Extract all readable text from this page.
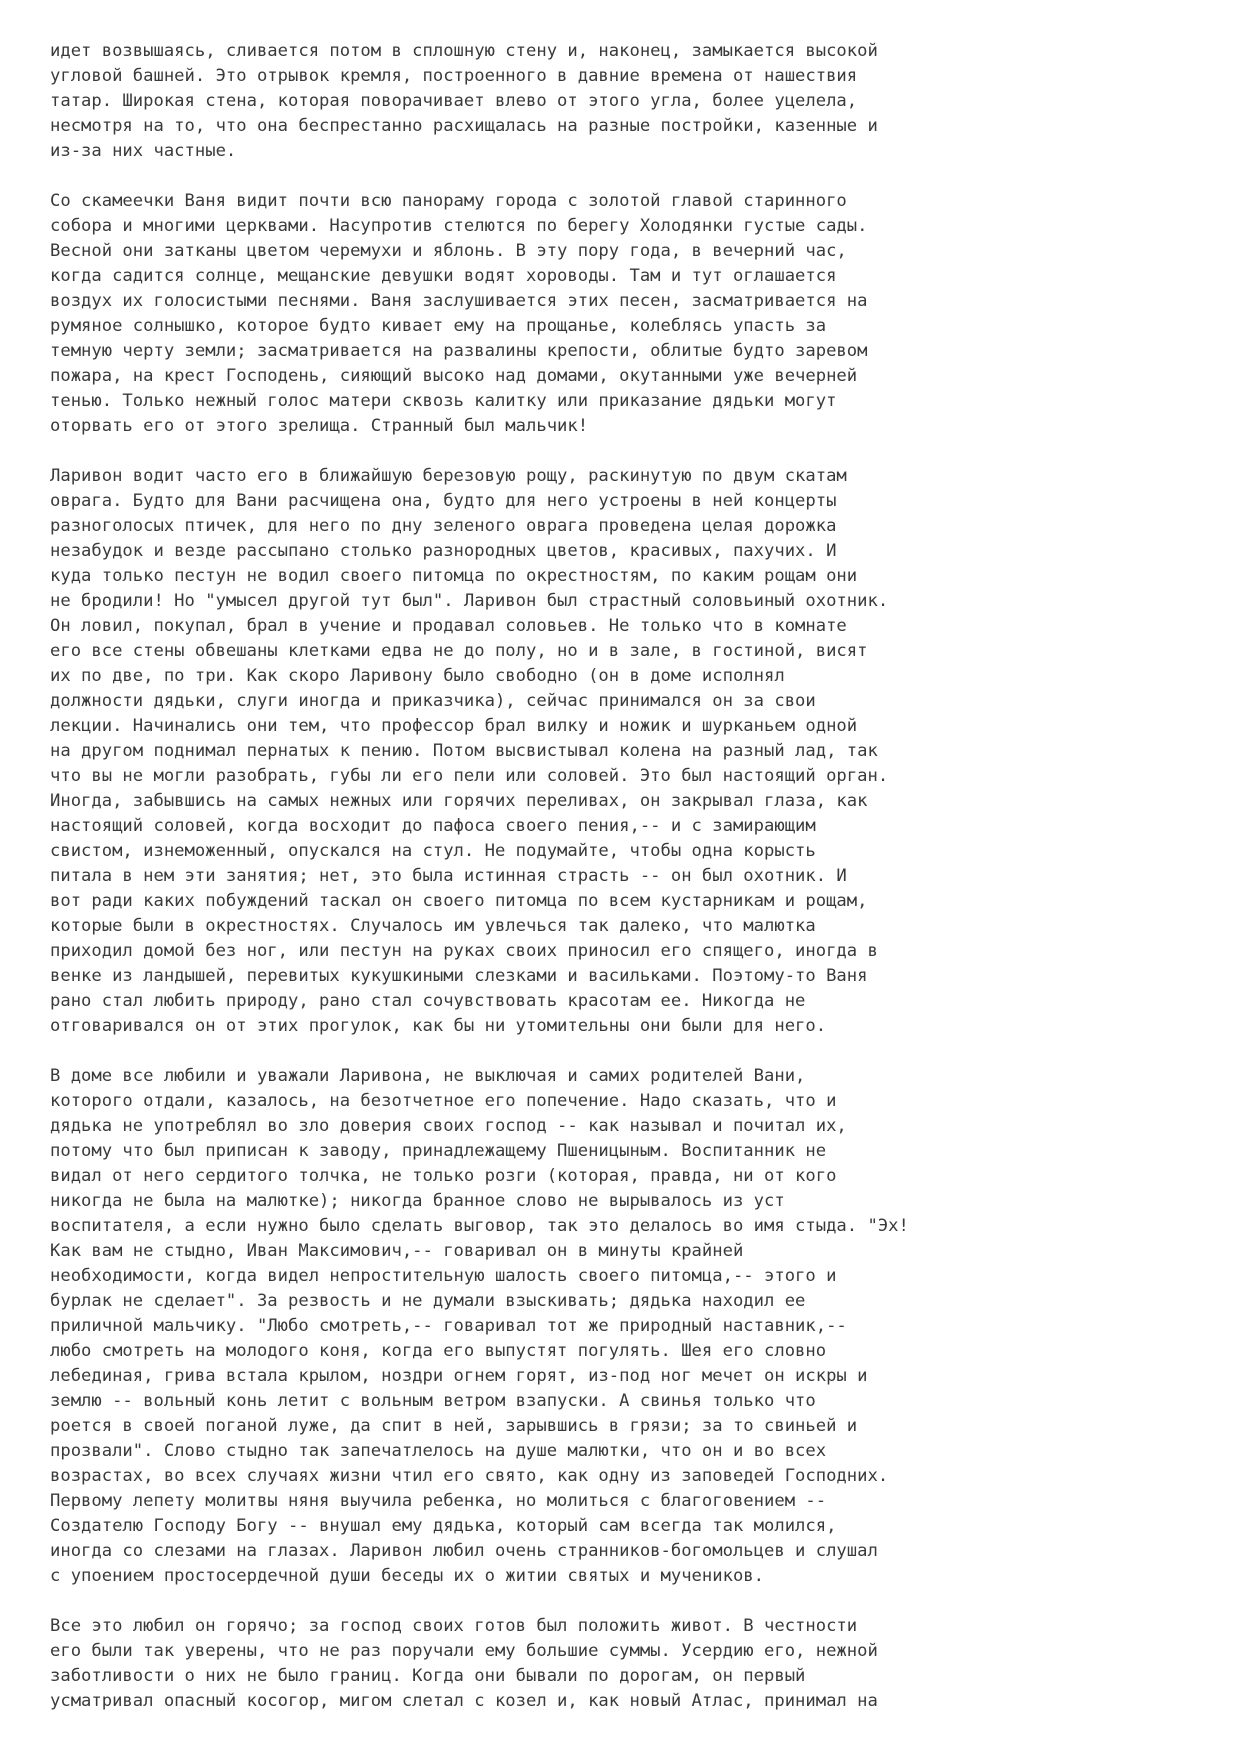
идет возвышаясь, сливается потом в сплошную стену и, наконец, замыкается высокой
угловой башней. Это отрывок кремля, построенного в давние времена от нашествия
татар. Широкая стена, которая поворачивает влево от этого угла, более уцелела,
несмотря на то, что она беспрестанно расхищалась на разные постройки, казенные и
из-за них частные.
Со скамеечки Ваня видит почти всю панораму города с золотой главой старинного
собора и многими церквами. Насупротив стелются по берегу Холодянки густые сады.
Весной они затканы цветом черемухи и яблонь. В эту пору года, в вечерний час,
когда садится солнце, мещанские девушки водят хороводы. Там и тут оглашается
воздух их голосистыми песнями. Ваня заслушивается этих песен, засматривается на
румяное солнышко, которое будто кивает ему на прощанье, колеблясь упасть за
темную черту земли; засматривается на развалины крепости, облитые будто заревом
пожара, на крест Господень, сияющий высоко над домами, окутанными уже вечерней
тенью. Только нежный голос матери сквозь калитку или приказание дядьки могут
оторвать его от этого зрелища. Странный был мальчик!
Ларивон водит часто его в ближайшую березовую рощу, раскинутую по двум скатам
оврага. Будто для Вани расчищена она, будто для него устроены в ней концерты
разноголосых птичек, для него по дну зеленого оврага проведена целая дорожка
незабудок и везде рассыпано столько разнородных цветов, красивых, пахучих. И
куда только пестун не водил своего питомца по окрестностям, по каким рощам они
не бродили! Но "умысел другой тут был". Ларивон был страстный соловьиный охотник.
Он ловил, покупал, брал в учение и продавал соловьев. Не только что в комнате
его все стены обвешаны клетками едва не до полу, но и в зале, в гостиной, висят
их по две, по три. Как скоро Ларивону было свободно (он в доме исполнял
должности дядьки, слуги иногда и приказчика), сейчас принимался он за свои
лекции. Начинались они тем, что профессор брал вилку и ножик и шурканьем одной
на другом поднимал пернатых к пению. Потом высвистывал колена на разный лад, так
что вы не могли разобрать, губы ли его пели или соловей. Это был настоящий орган.
Иногда, забывшись на самых нежных или горячих переливах, он закрывал глаза, как
настоящий соловей, когда восходит до пафоса своего пения,-- и с замирающим
свистом, изнеможенный, опускался на стул. Не подумайте, чтобы одна корысть
питала в нем эти занятия; нет, это была истинная страсть -- он был охотник. И
вот ради каких побуждений таскал он своего питомца по всем кустарникам и рощам,
которые были в окрестностях. Случалось им увлечься так далеко, что малютка
приходил домой без ног, или пестун на руках своих приносил его спящего, иногда в
венке из ландышей, перевитых кукушкиными слезками и васильками. Поэтому-то Ваня
рано стал любить природу, рано стал сочувствовать красотам ее. Никогда не
отговаривался он от этих прогулок, как бы ни утомительны они были для него.
В доме все любили и уважали Ларивона, не выключая и самих родителей Вани,
которого отдали, казалось, на безотчетное его попечение. Надо сказать, что и
дядька не употреблял во зло доверия своих господ -- как называл и почитал их,
потому что был приписан к заводу, принадлежащему Пшеницыным. Воспитанник не
видал от него сердитого толчка, не только розги (которая, правда, ни от кого
никогда не была на малютке); никогда бранное слово не вырывалось из уст
воспитателя, а если нужно было сделать выговор, так это делалось во имя стыда. "Эх!
Как вам не стыдно, Иван Максимович,-- говаривал он в минуты крайней
необходимости, когда видел непростительную шалость своего питомца,-- этого и
бурлак не сделает". За резвость и не думали взыскивать; дядька находил ее
приличной мальчику. "Любо смотреть,-- говаривал тот же природный наставник,--
любо смотреть на молодого коня, когда его выпустят погулять. Шея его словно
лебединая, грива встала крылом, ноздри огнем горят, из-под ног мечет он искры и
землю -- вольный конь летит с вольным ветром взапуски. А свинья только что
роется в своей поганой луже, да спит в ней, зарывшись в грязи; за то свиньей и
прозвали". Слово стыдно так запечатлелось на душе малютки, что он и во всех
возрастах, во всех случаях жизни чтил его свято, как одну из заповедей Господних.
Первому лепету молитвы няня выучила ребенка, но молиться с благоговением --
Создателю Господу Богу -- внушал ему дядька, который сам всегда так молился,
иногда со слезами на глазах. Ларивон любил очень странников-богомольцев и слушал
с упоением простосердечной души беседы их о житии святых и мучеников.
Все это любил он горячо; за господ своих готов был положить живот. В честности
его были так уверены, что не раз поручали ему большие суммы. Усердию его, нежной
заботливости о них не было границ. Когда они бывали по дорогам, он первый
усматривал опасный косогор, мигом слетал с козел и, как новый Атлас, принимал на
